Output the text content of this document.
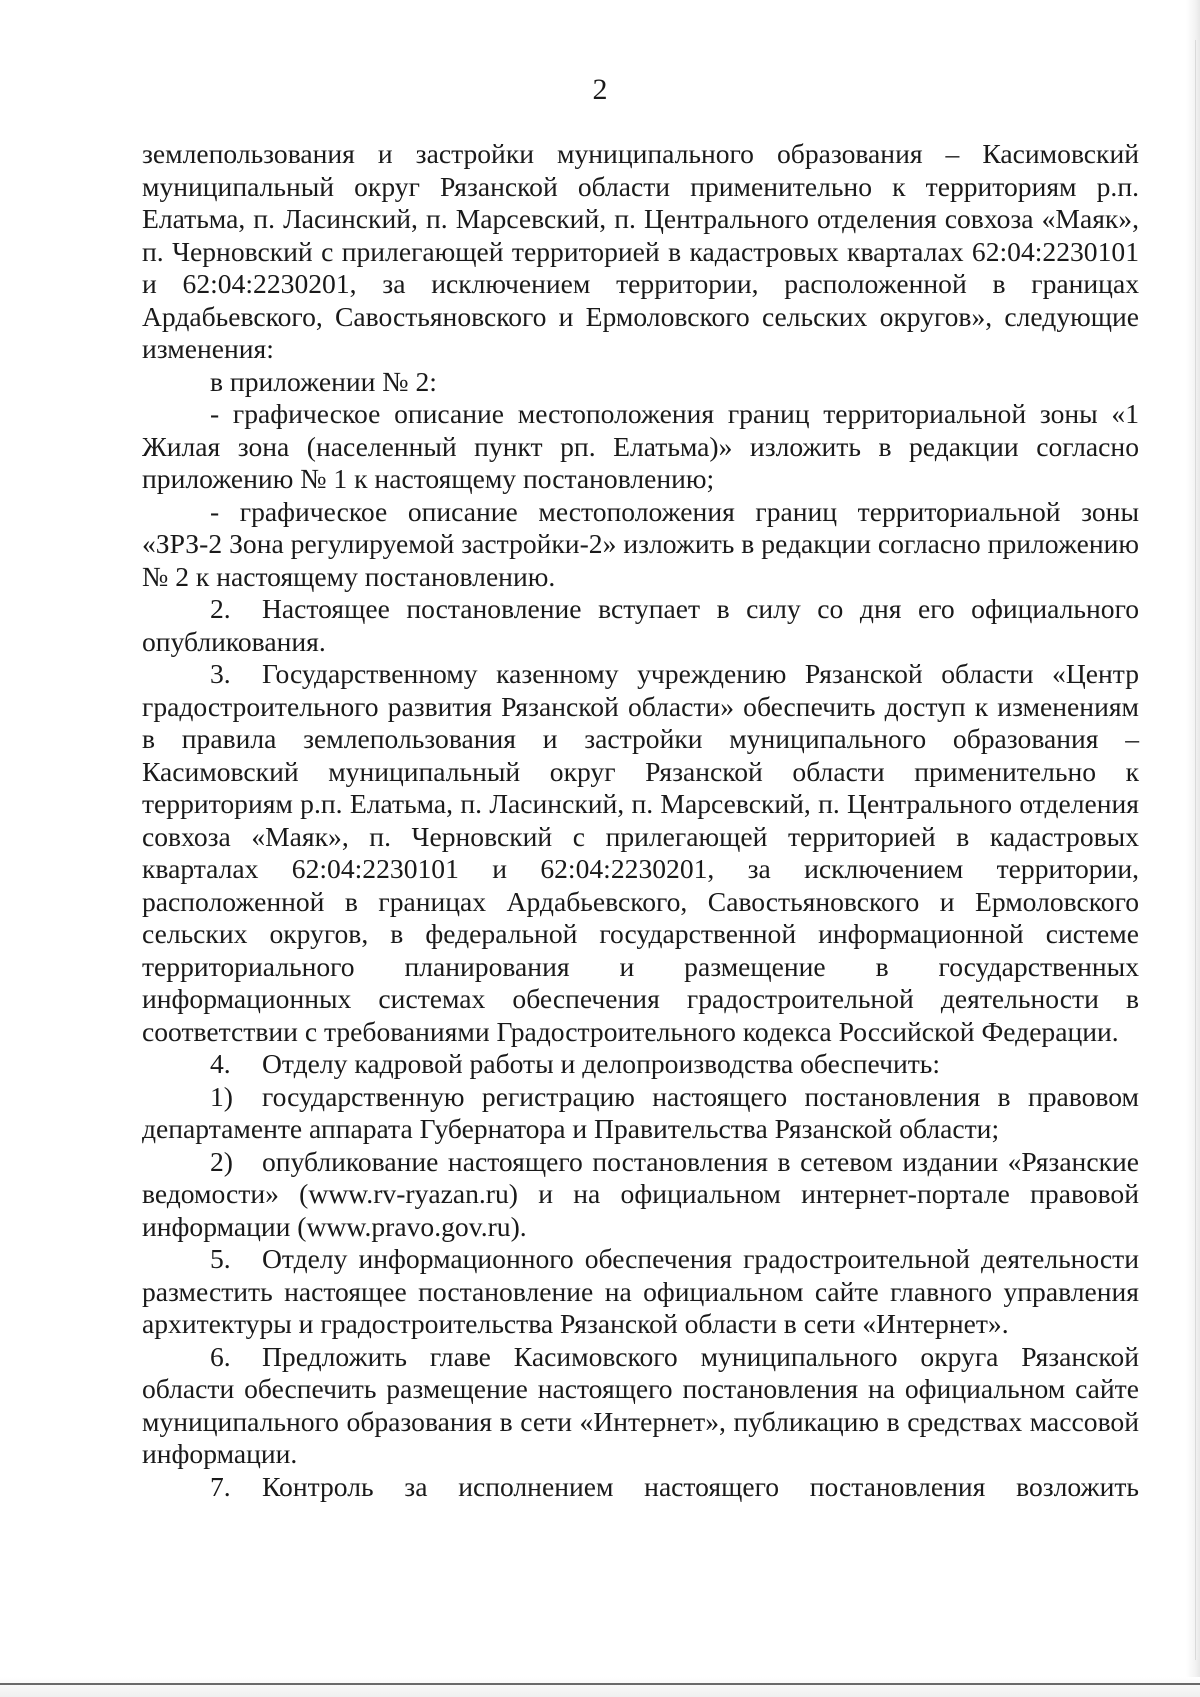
2

землепользования и застройки муниципального образования – Касимовский муниципальный округ Рязанской области применительно к территориям р.п. Елатьма, п. Ласинский, п. Марсевский, п. Центрального отделения совхоза «Маяк», п. Черновский с прилегающей территорией в кадастровых кварталах 62:04:2230101 и 62:04:2230201, за исключением территории, расположенной в границах Ардабьевского, Савостьяновского и Ермоловского сельских округов», следующие изменения:

в приложении № 2:

- графическое описание местоположения границ территориальной зоны «1 Жилая зона (населенный пункт рп. Елатьма)» изложить в редакции согласно приложению № 1 к настоящему постановлению;

- графическое описание местоположения границ территориальной зоны «ЗРЗ-2 Зона регулируемой застройки-2» изложить в редакции согласно приложению № 2 к настоящему постановлению.

2. Настоящее постановление вступает в силу со дня его официального опубликования.

3. Государственному казенному учреждению Рязанской области «Центр градостроительного развития Рязанской области» обеспечить доступ к изменениям в правила землепользования и застройки муниципального образования – Касимовский муниципальный округ Рязанской области применительно к территориям р.п. Елатьма, п. Ласинский, п. Марсевский, п. Центрального отделения совхоза «Маяк», п. Черновский с прилегающей территорией в кадастровых кварталах 62:04:2230101 и 62:04:2230201, за исключением территории, расположенной в границах Ардабьевского, Савостьяновского и Ермоловского сельских округов, в федеральной государственной информационной системе территориального планирования и размещение в государственных информационных системах обеспечения градостроительной деятельности в соответствии с требованиями Градостроительного кодекса Российской Федерации.

4. Отделу кадровой работы и делопроизводства обеспечить:

1) государственную регистрацию настоящего постановления в правовом департаменте аппарата Губернатора и Правительства Рязанской области;

2) опубликование настоящего постановления в сетевом издании «Рязанские ведомости» (www.rv-ryazan.ru) и на официальном интернет-портале правовой информации (www.pravo.gov.ru).

5. Отделу информационного обеспечения градостроительной деятельности разместить настоящее постановление на официальном сайте главного управления архитектуры и градостроительства Рязанской области в сети «Интернет».

6. Предложить главе Касимовского муниципального округа Рязанской области обеспечить размещение настоящего постановления на официальном сайте муниципального образования в сети «Интернет», публикацию в средствах массовой информации.

7. Контроль за исполнением настоящего постановления возложить
